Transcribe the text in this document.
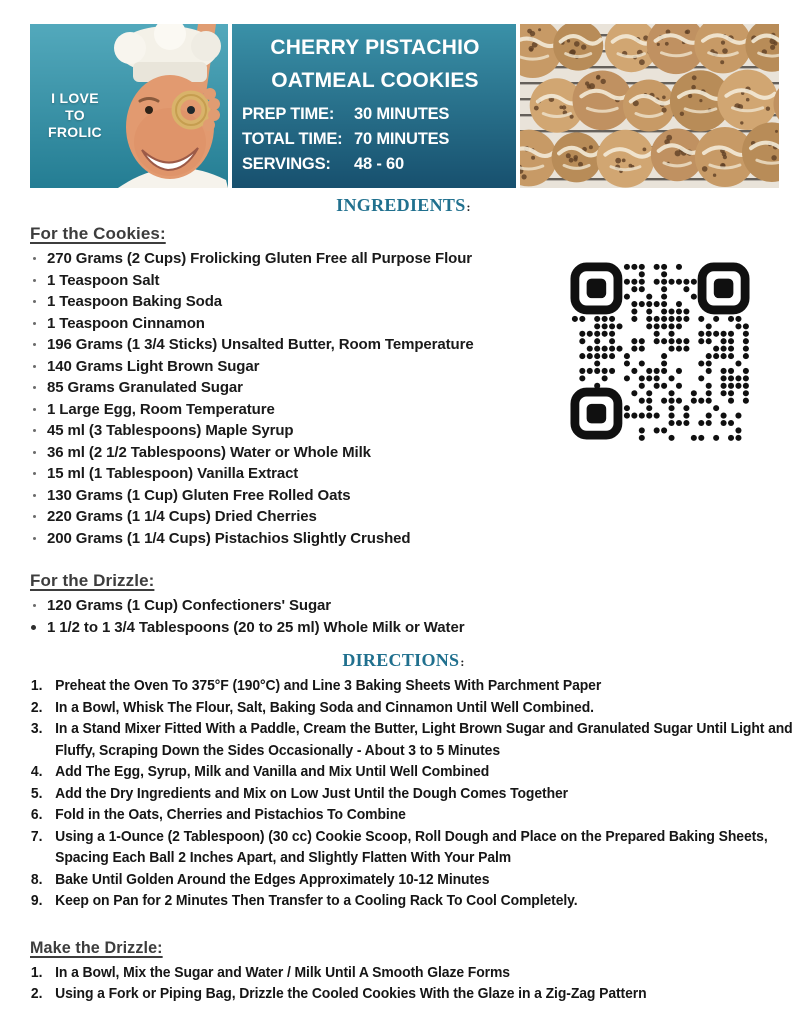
I LOVE
TO
FROLIC
CHERRY PISTACHIO
OATMEAL COOKIES
PREP TIME:	30 MINUTES
TOTAL TIME: 70 MINUTES
SERVINGS:	48 - 60
INGREDIENTS:
For the Cookies:
270 Grams (2 Cups) Frolicking Gluten Free all Purpose Flour
1 Teaspoon Salt
1 Teaspoon Baking Soda
1 Teaspoon Cinnamon
196 Grams (1 3/4 Sticks) Unsalted Butter, Room Temperature
140 Grams Light Brown Sugar
85 Grams Granulated Sugar
1 Large Egg, Room Temperature
45 ml (3 Tablespoons) Maple Syrup
36 ml (2 1/2 Tablespoons) Water or Whole Milk
15 ml (1 Tablespoon) Vanilla Extract
130 Grams (1 Cup) Gluten Free Rolled Oats
220 Grams (1 1/4 Cups) Dried Cherries
200 Grams (1 1/4 Cups) Pistachios Slightly Crushed
For the Drizzle:
120 Grams (1 Cup) Confectioners' Sugar
1 1/2 to 1 3/4 Tablespoons (20 to 25 ml) Whole Milk or Water
DIRECTIONS:
Preheat the Oven To 375°F (190°C) and Line 3 Baking Sheets With Parchment Paper
In a Bowl, Whisk The Flour, Salt, Baking Soda and Cinnamon Until Well Combined.
In a Stand Mixer Fitted With a Paddle, Cream the Butter, Light Brown Sugar and Granulated Sugar Until Light and Fluffy, Scraping Down the Sides Occasionally - About 3 to 5 Minutes
Add The Egg, Syrup, Milk and Vanilla and Mix Until Well Combined
Add the Dry Ingredients and Mix on Low Just Until the Dough Comes Together
Fold in the Oats, Cherries and Pistachios To Combine
Using a 1-Ounce (2 Tablespoon) (30 cc) Cookie Scoop, Roll Dough and Place on the Prepared Baking Sheets, Spacing Each Ball 2 Inches Apart, and Slightly Flatten With Your Palm
Bake Until Golden Around the Edges Approximately 10-12 Minutes
Keep on Pan for 2 Minutes Then Transfer to a Cooling Rack To Cool Completely.
Make the Drizzle:
In a Bowl, Mix the Sugar and Water / Milk Until A Smooth Glaze Forms
Using a Fork or Piping Bag, Drizzle the Cooled Cookies With the Glaze in a Zig-Zag Pattern
